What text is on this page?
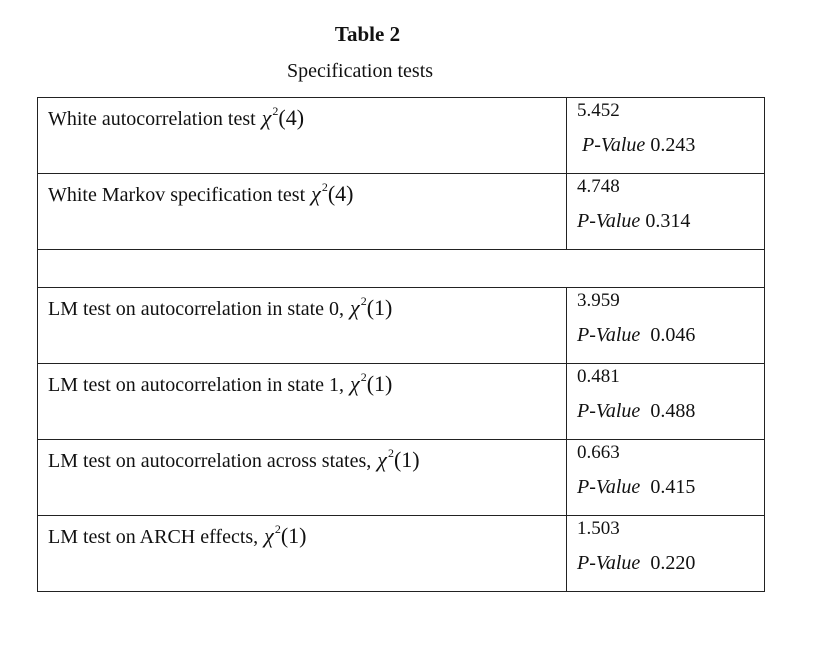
Table 2
Specification tests
White autocorrelation test $\chi^2(4)$	5.452
P-Value 0.243

White Markov specification test $\chi^2(4)$	4.748
P-Value 0.314

LM test on autocorrelation in state 0, $\chi^2(1)$	3.959
P-Value 0.046

LM test on autocorrelation in state 1, $\chi^2(1)$	0.481
P-Value 0.488

LM test on autocorrelation across states, $\chi^2(1)$	0.663
P-Value 0.415

LM test on ARCH effects, $\chi^2(1)$	1.503
P-Value 0.220
